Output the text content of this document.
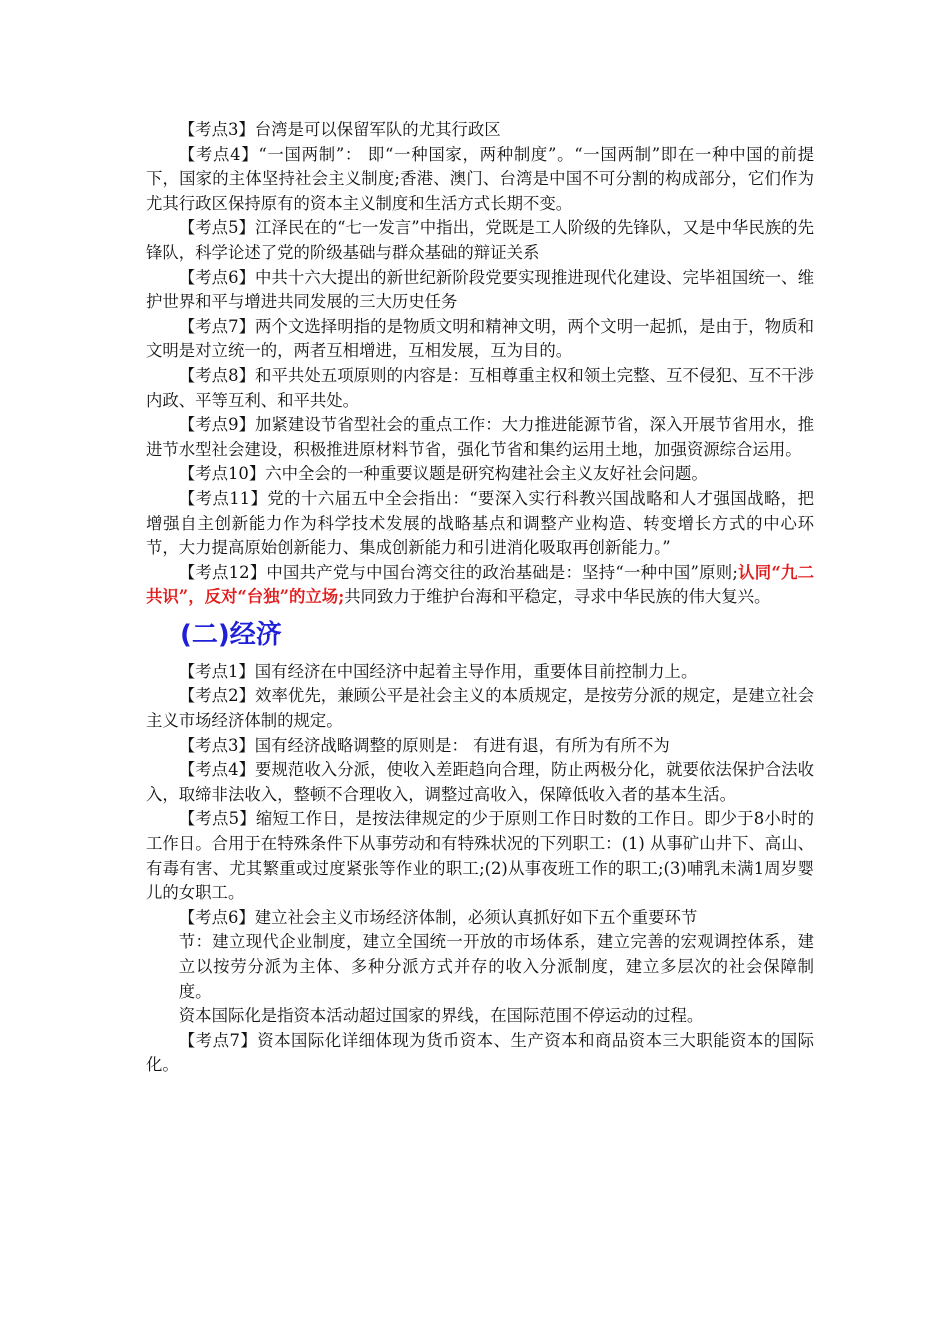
【考点3】台湾是可以保留军队的尤其行政区

【考点4】“一国两制”： 即“一种国家，两种制度”。“一国两制”即在一种中国的前提下，国家的主体坚持社会主义制度;香港、澳门、台湾是中国不可分割的构成部分，它们作为尤其行政区保持原有的资本主义制度和生活方式长期不变。

【考点5】江泽民在的“七一发言”中指出，党既是工人阶级的先锋队，又是中华民族的先锋队，科学论述了党的阶级基础与群众基础的辩证关系

【考点6】中共十六大提出的新世纪新阶段党要实现推进现代化建设、完毕祖国统一、维护世界和平与增进共同发展的三大历史任务

【考点7】两个文选择明指的是物质文明和精神文明，两个文明一起抓，是由于，物质和文明是对立统一的，两者互相增进，互相发展，互为目的。

【考点8】和平共处五项原则的内容是：互相尊重主权和领土完整、互不侵犯、互不干涉内政、平等互利、和平共处。

【考点9】加紧建设节省型社会的重点工作：大力推进能源节省，深入开展节省用水，推进节水型社会建设，积极推进原材料节省，强化节省和集约运用土地，加强资源综合运用。

【考点10】六中全会的一种重要议题是研究构建社会主义友好社会问题。

【考点11】党的十六届五中全会指出：“要深入实行科教兴国战略和人才强国战略，把增强自主创新能力作为科学技术发展的战略基点和调整产业构造、转变增长方式的中心环节，大力提高原始创新能力、集成创新能力和引进消化吸取再创新能力。”

【考点12】中国共产党与中国台湾交往的政治基础是：坚持“一种中国”原则;认同“九二共识”，反对“台独”的立场;共同致力于维护台海和平稳定，寻求中华民族的伟大复兴。

(二)经济

【考点1】国有经济在中国经济中起着主导作用，重要体目前控制力上。

【考点2】效率优先，兼顾公平是社会主义的本质规定，是按劳分派的规定，是建立社会主义市场经济体制的规定。

【考点3】国有经济战略调整的原则是： 有进有退，有所为有所不为

【考点4】要规范收入分派，使收入差距趋向合理，防止两极分化，就要依法保护合法收入，取缔非法收入，整顿不合理收入，调整过高收入，保障低收入者的基本生活。

【考点5】缩短工作日，是按法律规定的少于原则工作日时数的工作日。即少于8小时的工作日。合用于在特殊条件下从事劳动和有特殊状况的下列职工：(1) 从事矿山井下、高山、有毒有害、尤其繁重或过度紧张等作业的职工;(2)从事夜班工作的职工;(3)哺乳未满1周岁婴儿的女职工。

【考点6】建立社会主义市场经济体制，必须认真抓好如下五个重要环节

节：建立现代企业制度，建立全国统一开放的市场体系，建立完善的宏观调控体系，建立以按劳分派为主体、多种分派方式并存的收入分派制度，建立多层次的社会保障制度。

资本国际化是指资本活动超过国家的界线，在国际范围不停运动的过程。

【考点7】资本国际化详细体现为货币资本、生产资本和商品资本三大职能资本的国际化。
